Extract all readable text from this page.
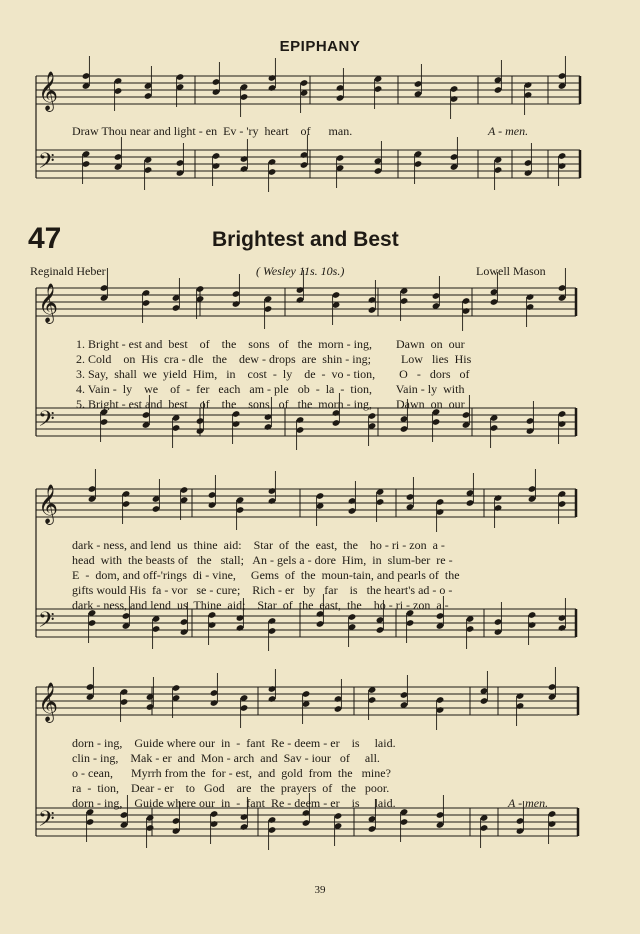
EPIPHANY
𝄞
𝄢
𝄞
𝄢
𝄞
𝄢
𝄞
𝄢
Draw Thou near and light - en  Ev - 'ry  heart    of      man.	A - men.
47	Brightest and Best
Reginald Heber	( Wesley 11s. 10s.)	Lowell Mason
1. Bright - est and  best    of    the    sons   of   the  morn - ing,        Dawn  on  our
2. Cold    on  His  cra - dle   the    dew - drops  are  shin - ing;          Low   lies  His
3. Say,  shall  we  yield  Him,   in    cost  -  ly    de  -  vo - tion,        O   -   dors   of
4. Vain -  ly    we    of  -  fer   each   am - ple   ob  -  la  -  tion,        Vain - ly  with
5. Bright - est and  best    of    the    sons   of   the  morn - ing,        Dawn  on  our
dark - ness, and lend  us  thine  aid:    Star  of  the  east,  the    ho - ri - zon  a -
head  with  the beasts of   the   stall;   An - gels a - dore  Him,  in  slum-ber  re -
E  -  dom, and off-'rings  di - vine,     Gems  of  the  moun-tain, and pearls of  the
gifts would His  fa - vor   se - cure;    Rich - er   by   far    is   the heart's ad - o -
dark - ness, and lend  us  Thine  aid;    Star  of  the  east,  the    ho - ri - zon  a -
dorn - ing,    Guide where our  in  -  fant  Re - deem - er    is     laid.
clin - ing,    Mak - er  and  Mon - arch  and  Sav - iour   of     all.
o - cean,      Myrrh from the  for - est,  and  gold  from  the   mine?
ra  -  tion,    Dear - er    to   God    are   the  prayers  of   the   poor.
dorn - ing,    Guide where our  in  -  fant  Re - deem - er    is     laid.	A - men.
39
